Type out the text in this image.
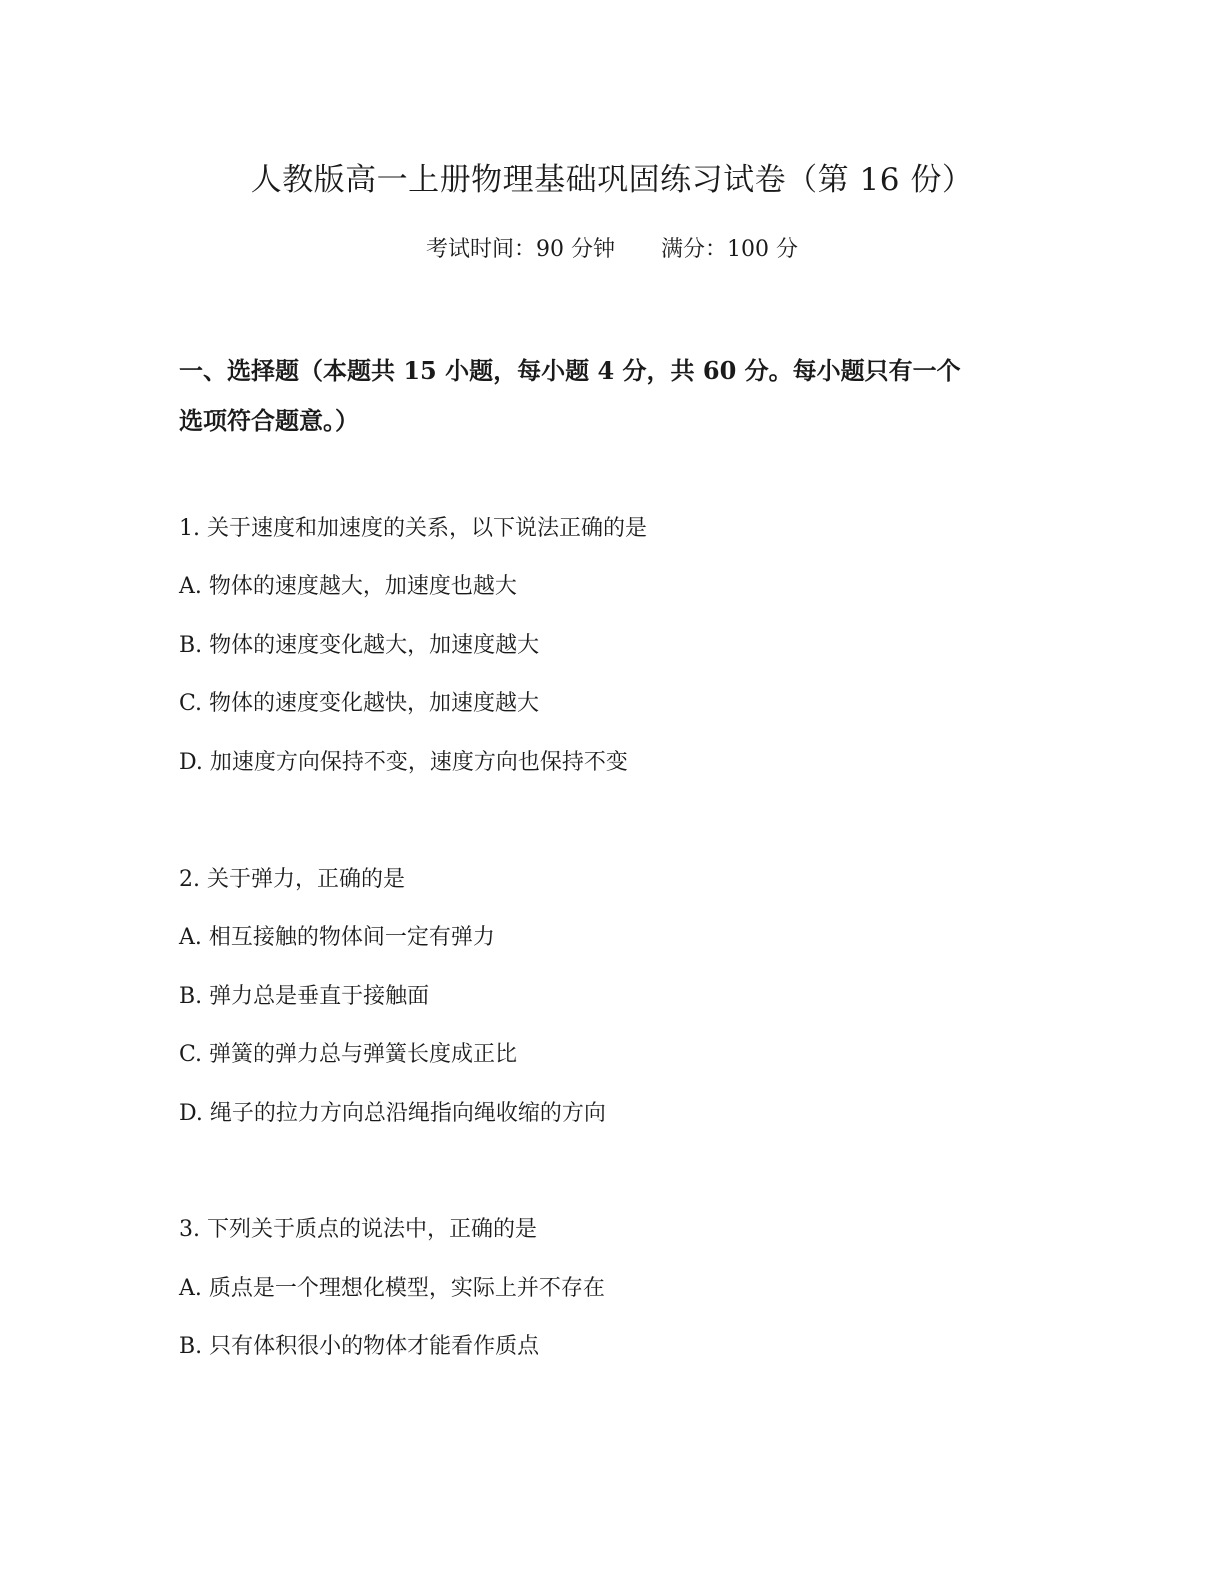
人教版高一上册物理基础巩固练习试卷（第 16 份）
考试时间：90 分钟 满分：100 分
一、选择题（本题共 15 小题，每小题 4 分，共 60 分。每小题只有一个
选项符合题意。）
1. 关于速度和加速度的关系，以下说法正确的是
A. 物体的速度越大，加速度也越大
B. 物体的速度变化越大，加速度越大
C. 物体的速度变化越快，加速度越大
D. 加速度方向保持不变，速度方向也保持不变
2. 关于弹力，正确的是
A. 相互接触的物体间一定有弹力
B. 弹力总是垂直于接触面
C. 弹簧的弹力总与弹簧长度成正比
D. 绳子的拉力方向总沿绳指向绳收缩的方向
3. 下列关于质点的说法中，正确的是
A. 质点是一个理想化模型，实际上并不存在
B. 只有体积很小的物体才能看作质点
